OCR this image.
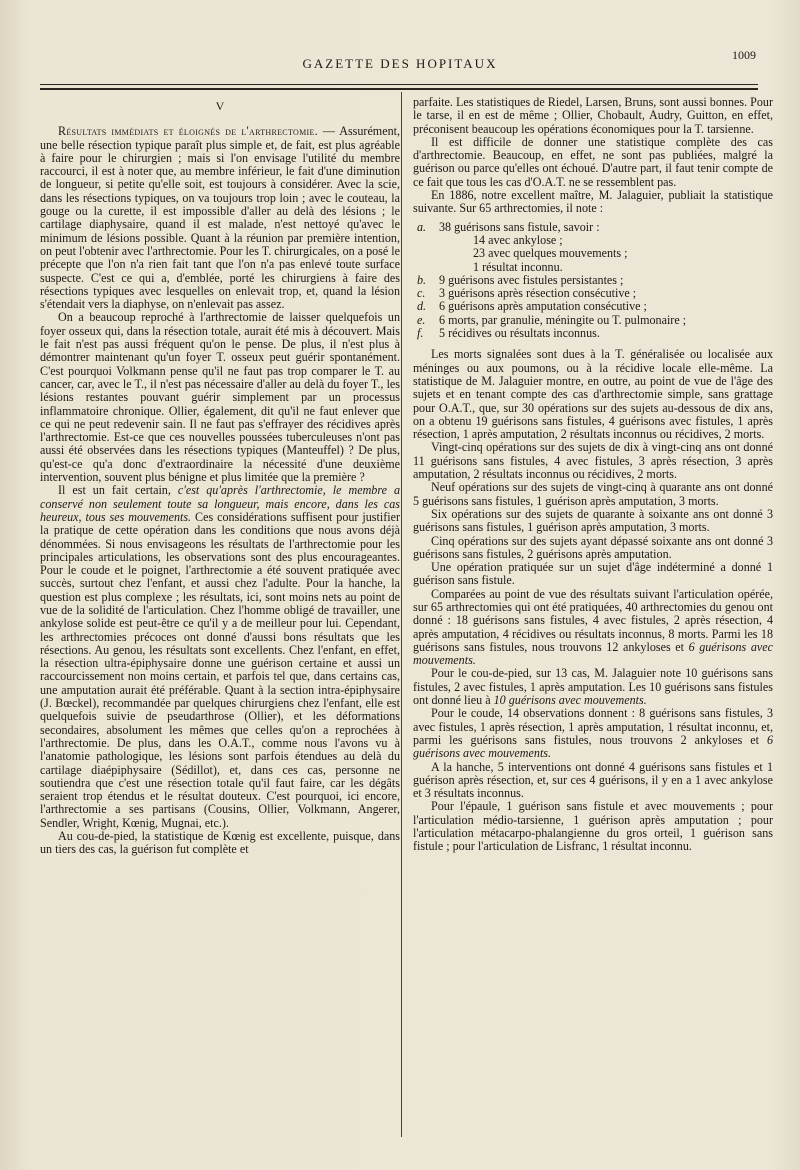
GAZETTE DES HOPITAUX
1009
V

Résultats immédiats et éloignés de l'arthrectomie. — Assurément, une belle résection typique paraît plus simple et, de fait, est plus agréable à faire pour le chirurgien ; mais si l'on envisage l'utilité du membre raccourci, il est à noter que, au membre inférieur, le fait d'une diminution de longueur, si petite qu'elle soit, est toujours à considérer. Avec la scie, dans les résections typiques, on va toujours trop loin ; avec le couteau, la gouge ou la curette, il est impossible d'aller au delà des lésions ; le cartilage diaphysaire, quand il est malade, n'est nettoyé qu'avec le minimum de lésions possible. Quant à la réunion par première intention, on peut l'obtenir avec l'arthrectomie. Pour les T. chirurgicales, on a posé le précepte que l'on n'a rien fait tant que l'on n'a pas enlevé toute surface suspecte. C'est ce qui a, d'emblée, porté les chirurgiens à faire des résections typiques avec lesquelles on enlevait trop, et, quand la lésion s'étendait vers la diaphyse, on n'enlevait pas assez.

On a beaucoup reproché à l'arthrectomie de laisser quelquefois un foyer osseux qui, dans la résection totale, aurait été mis à découvert. Mais le fait n'est pas aussi fréquent qu'on le pense. De plus, il n'est plus à démontrer maintenant qu'un foyer T. osseux peut guérir spontanément. C'est pourquoi Volkmann pense qu'il ne faut pas trop comparer le T. au cancer, car, avec le T., il n'est pas nécessaire d'aller au delà du foyer T., les lésions restantes pouvant guérir simplement par un processus inflammatoire chronique. Ollier, également, dit qu'il ne faut enlever que ce qui ne peut redevenir sain. Il ne faut pas s'effrayer des récidives après l'arthrectomie. Est-ce que ces nouvelles poussées tuberculeuses n'ont pas aussi été observées dans les résections typiques (Manteuffel) ? De plus, qu'est-ce qu'a donc d'extraordinaire la nécessité d'une deuxième intervention, souvent plus bénigne et plus limitée que la première ?

Il est un fait certain, c'est qu'après l'arthrectomie, le membre a conservé non seulement toute sa longueur, mais encore, dans les cas heureux, tous ses mouvements. Ces considérations suffisent pour justifier la pratique de cette opération dans les conditions que nous avons déjà dénommées. Si nous envisageons les résultats de l'arthrectomie pour les principales articulations, les observations sont des plus encourageantes. Pour le coude et le poignet, l'arthrectomie a été souvent pratiquée avec succès, surtout chez l'enfant, et aussi chez l'adulte. Pour la hanche, la question est plus complexe ; les résultats, ici, sont moins nets au point de vue de la solidité de l'articulation. Chez l'homme obligé de travailler, une ankylose solide est peut-être ce qu'il y a de meilleur pour lui. Cependant, les arthrectomies précoces ont donné d'aussi bons résultats que les résections. Au genou, les résultats sont excellents. Chez l'enfant, en effet, la résection ultra-épiphysaire donne une guérison certaine et aussi un raccourcissement non moins certain, et parfois tel que, dans certains cas, une amputation aurait été préférable. Quant à la section intra-épiphysaire (J. Bœckel), recommandée par quelques chirurgiens chez l'enfant, elle est quelquefois suivie de pseudarthrose (Ollier), et les déformations secondaires, absolument les mêmes que celles qu'on a reprochées à l'arthrectomie. De plus, dans les O.A.T., comme nous l'avons vu à l'anatomie pathologique, les lésions sont parfois étendues au delà du cartilage diaépiphysaire (Sédillot), et, dans ces cas, personne ne soutiendra que c'est une résection totale qu'il faut faire, car les dégâts seraient trop étendus et le résultat douteux. C'est pourquoi, ici encore, l'arthrectomie a ses partisans (Cousins, Ollier, Volkmann, Angerer, Sendler, Wright, Kœnig, Mugnai, etc.).

Au cou-de-pied, la statistique de Kœnig est excellente, puisque, dans un tiers des cas, la guérison fut complète et

parfaite. Les statistiques de Riedel, Larsen, Bruns, sont aussi bonnes. Pour le tarse, il en est de même ; Ollier, Chobault, Audry, Guitton, en effet, préconisent beaucoup les opérations économiques pour la T. tarsienne.

Il est difficile de donner une statistique complète des cas d'arthrectomie. Beaucoup, en effet, ne sont pas publiées, malgré la guérison ou parce qu'elles ont échoué. D'autre part, il faut tenir compte de ce fait que tous les cas d'O.A.T. ne se ressemblent pas.

En 1886, notre excellent maître, M. Jalaguier, publiait la statistique suivante. Sur 65 arthrectomies, il note :

a. 38 guérisons sans fistule, savoir :
14 avec ankylose ;
23 avec quelques mouvements ;
1 résultat inconnu.
b. 9 guérisons avec fistules persistantes ;
c. 3 guérisons après résection consécutive ;
d. 6 guérisons après amputation consécutive ;
e. 6 morts, par granulie, méningite ou T. pulmonaire ;
f. 5 récidives ou résultats inconnus.

Les morts signalées sont dues à la T. généralisée ou localisée aux méninges ou aux poumons, ou à la récidive locale elle-même. La statistique de M. Jalaguier montre, en outre, au point de vue de l'âge des sujets et en tenant compte des cas d'arthrectomie simple, sans grattage pour O.A.T., que, sur 30 opérations sur des sujets au-dessous de dix ans, on a obtenu 19 guérisons sans fistules, 4 guérisons avec fistules, 1 après résection, 1 après amputation, 2 résultats inconnus ou récidives, 2 morts.

Vingt-cinq opérations sur des sujets de dix à vingt-cinq ans ont donné 11 guérisons sans fistules, 4 avec fistules, 3 après résection, 3 après amputation, 2 résultats inconnus ou récidives, 2 morts.

Neuf opérations sur des sujets de vingt-cinq à quarante ans ont donné 5 guérisons sans fistules, 1 guérison après amputation, 3 morts.

Six opérations sur des sujets de quarante à soixante ans ont donné 3 guérisons sans fistules, 1 guérison après amputation, 3 morts.

Cinq opérations sur des sujets ayant dépassé soixante ans ont donné 3 guérisons sans fistules, 2 guérisons après amputation.

Une opération pratiquée sur un sujet d'âge indéterminé a donné 1 guérison sans fistule.

Comparées au point de vue des résultats suivant l'articulation opérée, sur 65 arthrectomies qui ont été pratiquées, 40 arthrectomies du genou ont donné : 18 guérisons sans fistules, 4 avec fistules, 2 après résection, 4 après amputation, 4 récidives ou résultats inconnus, 8 morts. Parmi les 18 guérisons sans fistules, nous trouvons 12 ankyloses et 6 guérisons avec mouvements.

Pour le cou-de-pied, sur 13 cas, M. Jalaguier note 10 guérisons sans fistules, 2 avec fistules, 1 après amputation. Les 10 guérisons sans fistules ont donné lieu à 10 guérisons avec mouvements.

Pour le coude, 14 observations donnent : 8 guérisons sans fistules, 3 avec fistules, 1 après résection, 1 après amputation, 1 résultat inconnu, et, parmi les guérisons sans fistules, nous trouvons 2 ankyloses et 6 guérisons avec mouvements.

A la hanche, 5 interventions ont donné 4 guérisons sans fistules et 1 guérison après résection, et, sur ces 4 guérisons, il y en a 1 avec ankylose et 3 résultats inconnus.

Pour l'épaule, 1 guérison sans fistule et avec mouvements ; pour l'articulation médio-tarsienne, 1 guérison après amputation ; pour l'articulation métacarpo-phalangienne du gros orteil, 1 guérison sans fistule ; pour l'articulation de Lisfranc, 1 résultat inconnu.
